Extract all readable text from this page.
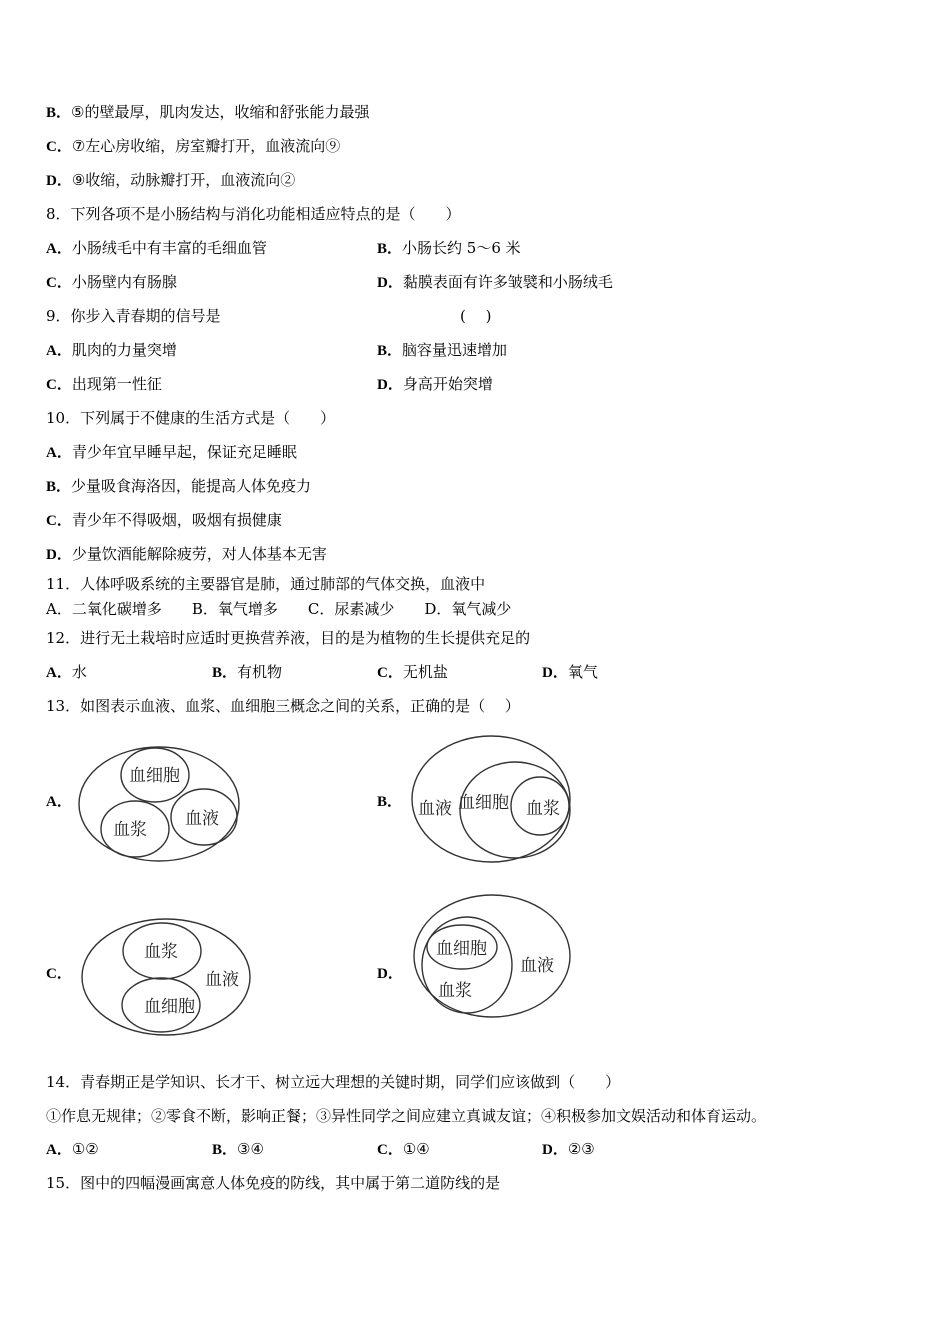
B．⑤的壁最厚，肌肉发达，收缩和舒张能力最强
C．⑦左心房收缩，房室瓣打开，血液流向⑨
D．⑨收缩，动脉瓣打开，血液流向②
8．下列各项不是小肠结构与消化功能相适应特点的是（　　）
A．小肠绒毛中有丰富的毛细血管	B．小肠长约 5～6 米
C．小肠壁内有肠腺	D．黏膜表面有许多皱襞和小肠绒毛
9．你步入青春期的信号是	(　 )
A．肌肉的力量突增	B．脑容量迅速增加
C．出现第一性征	D．身高开始突增
10．下列属于不健康的生活方式是（　　）
A．青少年宜早睡早起，保证充足睡眠
B．少量吸食海洛因，能提高人体免疫力
C．青少年不得吸烟，吸烟有损健康
D．少量饮酒能解除疲劳，对人体基本无害
11．人体呼吸系统的主要器官是肺，通过肺部的气体交换，血液中
A．二氧化碳增多　　B．氧气增多　　C．尿素减少　　D．氧气减少
12．进行无土栽培时应适时更换营养液，目的是为植物的生长提供充足的
A．水	B．有机物	C．无机盐	D．氧气
13．如图表示血液、血浆、血细胞三概念之间的关系，正确的是（　 ）
A．
血细胞
血浆
血液
B． 血液 血细胞 血浆
C．
血浆
血液
血细胞
D．
血细胞
血浆
血液
14．青春期正是学知识、长才干、树立远大理想的关键时期，同学们应该做到（　　）
①作息无规律；②零食不断，影响正餐；③异性同学之间应建立真诚友谊；④积极参加文娱活动和体育运动。
A．①②	B．③④	C．①④	D．②③
15．图中的四幅漫画寓意人体免疫的防线，其中属于第二道防线的是
